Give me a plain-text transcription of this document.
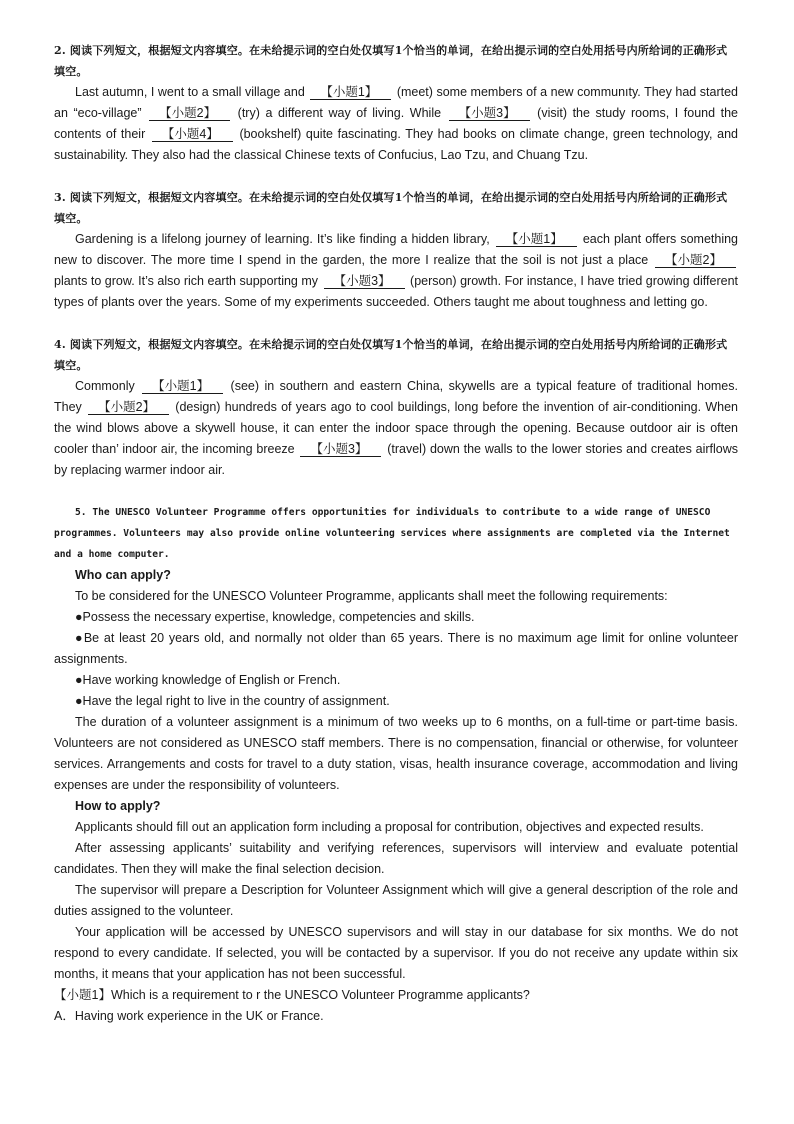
2. 阅读下列短文，根据短文内容填空。在未给提示词的空白处仅填写1个恰当的单词，在给出提示词的空白处用括号内所给词的正确形式填空。

Last autumn, I went to a small village and 【小题1】 (meet) some members of a new communıty. They had started an “eco-village” 【小题2】 (try) a different way of living. While 【小题3】 (visit) the study rooms, I found the contents of their 【小题4】 (bookshelf) quite fascinating. They had books on climate change, green technology, and sustainability. They also had the classical Chinese texts of Confucius, Lao Tzu, and Chuang Tzu.

3. 阅读下列短文，根据短文内容填空。在未给提示词的空白处仅填写1个恰当的单词，在给出提示词的空白处用括号内所给词的正确形式填空。

Gardening is a lifelong journey of learning. It’s like finding a hidden library, 【小题1】 each plant offers something new to discover. The more time I spend in the garden, the more I realize that the soil is not just a place 【小题2】 plants to grow. It’s also rich earth supporting my 【小题3】 (person) growth. For instance, I have tried growing different types of plants over the years. Some of my experiments succeeded. Others taught me about toughness and letting go.

4. 阅读下列短文，根据短文内容填空。在未给提示词的空白处仅填写1个恰当的单词，在给出提示词的空白处用括号内所给词的正确形式填空。

Commonly 【小题1】 (see) in southern and eastern China, skywells are a typical feature of traditional homes. They 【小题2】 (design) hundreds of years ago to cool buildings, long before the invention of air-conditioning. When the wind blows above a skywell house, it can enter the indoor space through the opening. Because outdoor air is often cooler than’ indoor air, the incoming breeze 【小题3】 (travel) down the walls to the lower stories and creates airflows by replacing warmer indoor air.

5. The UNESCO Volunteer Programme offers opportunities for individuals to contribute to a wide range of UNESCO programmes. Volunteers may also provide online volunteering services where assignments are completed via the Internet and a home computer.

Who can apply?

To be considered for the UNESCO Volunteer Programme, applicants shall meet the following requirements:

●Possess the necessary expertise, knowledge, competencies and skills.

●Be at least 20 years old, and normally not older than 65 years. There is no maximum age limit for online volunteer assignments.

●Have working knowledge of English or French.

●Have the legal right to live in the country of assignment.

The duration of a volunteer assignment is a minimum of two weeks up to 6 months, on a full-time or part-time basis. Volunteers are not considered as UNESCO staff members. There is no compensation, financial or otherwise, for volunteer services. Arrangements and costs for travel to a duty station, visas, health insurance coverage, accommodation and living expenses are under the responsibility of volunteers.

How to apply?

Applicants should fill out an application form including a proposal for contribution, objectives and expected results.

After assessing applicants’ suitability and verifying references, supervisors will interview and evaluate potential candidates. Then they will make the final selection decision.

The supervisor will prepare a Description for Volunteer Assignment which will give a general description of the role and duties assigned to the volunteer.

Your application will be accessed by UNESCO supervisors and will stay in our database for six months. We do not respond to every candidate. If selected, you will be contacted by a supervisor. If you do not receive any update within six months, it means that your application has not been successful.

【小题1】Which is a requirement to r the UNESCO Volunteer Programme applicants?

A．Having work experience in the UK or France.
